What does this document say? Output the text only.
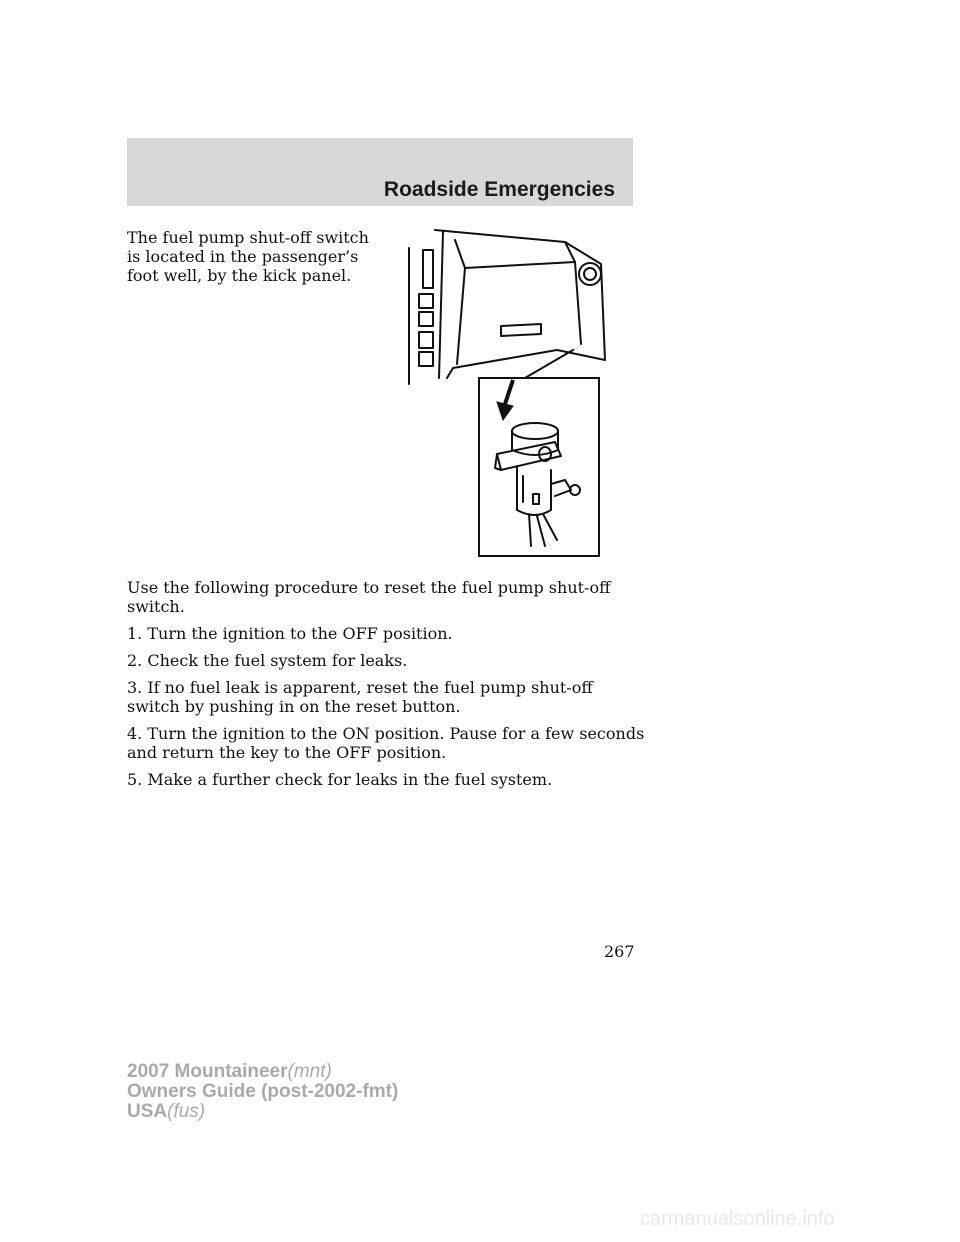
Roadside Emergencies
The fuel pump shut-off switch is located in the passenger’s foot well, by the kick panel.

Use the following procedure to reset the fuel pump shut-off switch.

1. Turn the ignition to the OFF position.

2. Check the fuel system for leaks.

3. If no fuel leak is apparent, reset the fuel pump shut-off switch by pushing in on the reset button.

4. Turn the ignition to the ON position. Pause for a few seconds and return the key to the OFF position.

5. Make a further check for leaks in the fuel system.

267
2007 Mountaineer(mnt)
Owners Guide (post-2002-fmt)
USA(fus)
carmanualsonline.info
